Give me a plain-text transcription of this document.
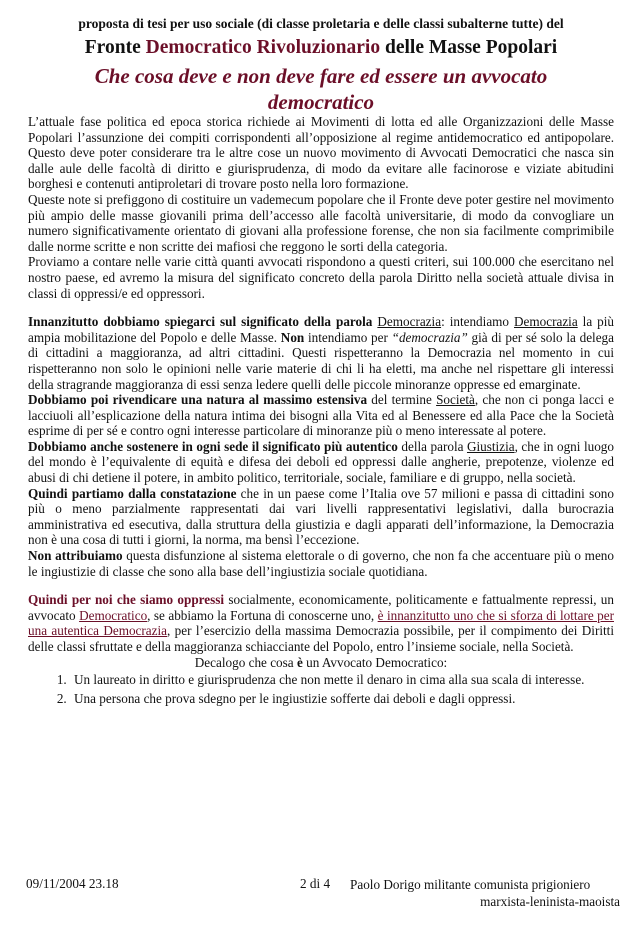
proposta di tesi per uso sociale (di classe proletaria e delle classi subalterne tutte) del
Fronte Democratico Rivoluzionario delle Masse Popolari
Che cosa deve e non deve fare ed essere un avvocato democratico

L’attuale fase politica ed epoca storica richiede ai Movimenti di lotta ed alle Organizzazioni delle Masse Popolari l’assunzione dei compiti corrispondenti all’opposizione al regime antidemocratico ed antipopolare. Questo deve poter considerare tra le altre cose un nuovo movimento di Avvocati Democratici che nasca sin dalle aule delle facoltà di diritto e giurisprudenza, di modo da evitare alle facinorose e viziate abitudini borghesi e contenuti antiproletari di trovare posto nella loro formazione.

Queste note si prefiggono di costituire un vademecum popolare che il Fronte deve poter gestire nel movimento più ampio delle masse giovanili prima dell’accesso alle facoltà universitarie, di modo da convogliare un numero significativamente orientato di giovani alla professione forense, che non sia facilmente comprimibile dalle norme scritte e non scritte dei mafiosi che reggono le sorti della categoria.

Proviamo a contare nelle varie città quanti avvocati rispondono a questi criteri, sui 100.000 che esercitano nel nostro paese, ed avremo la misura del significato concreto della parola Diritto nella società attuale divisa in classi di oppressi/e ed oppressori.

Innanzitutto dobbiamo spiegarci sul significato della parola Democrazia: intendiamo Democrazia la più ampia mobilitazione del Popolo e delle Masse. Non intendiamo per “democrazia” già di per sé solo la delega di cittadini a maggioranza, ad altri cittadini. Questi rispetteranno la Democrazia nel momento in cui rispetteranno non solo le opinioni nelle varie materie di chi li ha eletti, ma anche nel rispettare gli interessi della stragrande maggioranza di essi senza ledere quelli delle piccole minoranze oppresse ed emarginate.

Dobbiamo poi rivendicare una natura al massimo estensiva del termine Società, che non ci ponga lacci e lacciuoli all’esplicazione della natura intima dei bisogni alla Vita ed al Benessere ed alla Pace che la Società esprime di per sé e contro ogni interesse particolare di minoranze più o meno interessate al potere.

Dobbiamo anche sostenere in ogni sede il significato più autentico della parola Giustizia, che in ogni luogo del mondo è l’equivalente di equità e difesa dei deboli ed oppressi dalle angherie, prepotenze, violenze ed abusi di chi detiene il potere, in ambito politico, territoriale, sociale, familiare e di gruppo, nella società.

Quindi partiamo dalla constatazione che in un paese come l’Italia ove 57 milioni e passa di cittadini sono più o meno parzialmente rappresentati dai vari livelli rappresentativi legislativi, dalla burocrazia amministrativa ed esecutiva, dalla struttura della giustizia e dagli apparati dell’informazione, la Democrazia non è una cosa di tutti i giorni, la norma, ma bensì l’eccezione.

Non attribuiamo questa disfunzione al sistema elettorale o di governo, che non fa che accentuare più o meno le ingiustizie di classe che sono alla base dell’ingiustizia sociale quotidiana.

Quindi per noi che siamo oppressi socialmente, economicamente, politicamente e fattualmente repressi, un avvocato Democratico, se abbiamo la Fortuna di conoscerne uno, è innanzitutto uno che si sforza di lottare per una autentica Democrazia, per l’esercizio della massima Democrazia possibile, per il compimento dei Diritti delle classi sfruttate e della maggioranza schiacciante del Popolo, entro l’insieme sociale, nella Società.

Decalogo che cosa è un Avvocato Democratico:

1. Un laureato in diritto e giurisprudenza che non mette il denaro in cima alla sua scala di interesse.
2. Una persona che prova sdegno per le ingiustizie sofferte dai deboli e dagli oppressi.
09/11/2004 23.18	2 di 4 Paolo Dorigo militante comunista prigioniero
marxista-leninista-maoista
